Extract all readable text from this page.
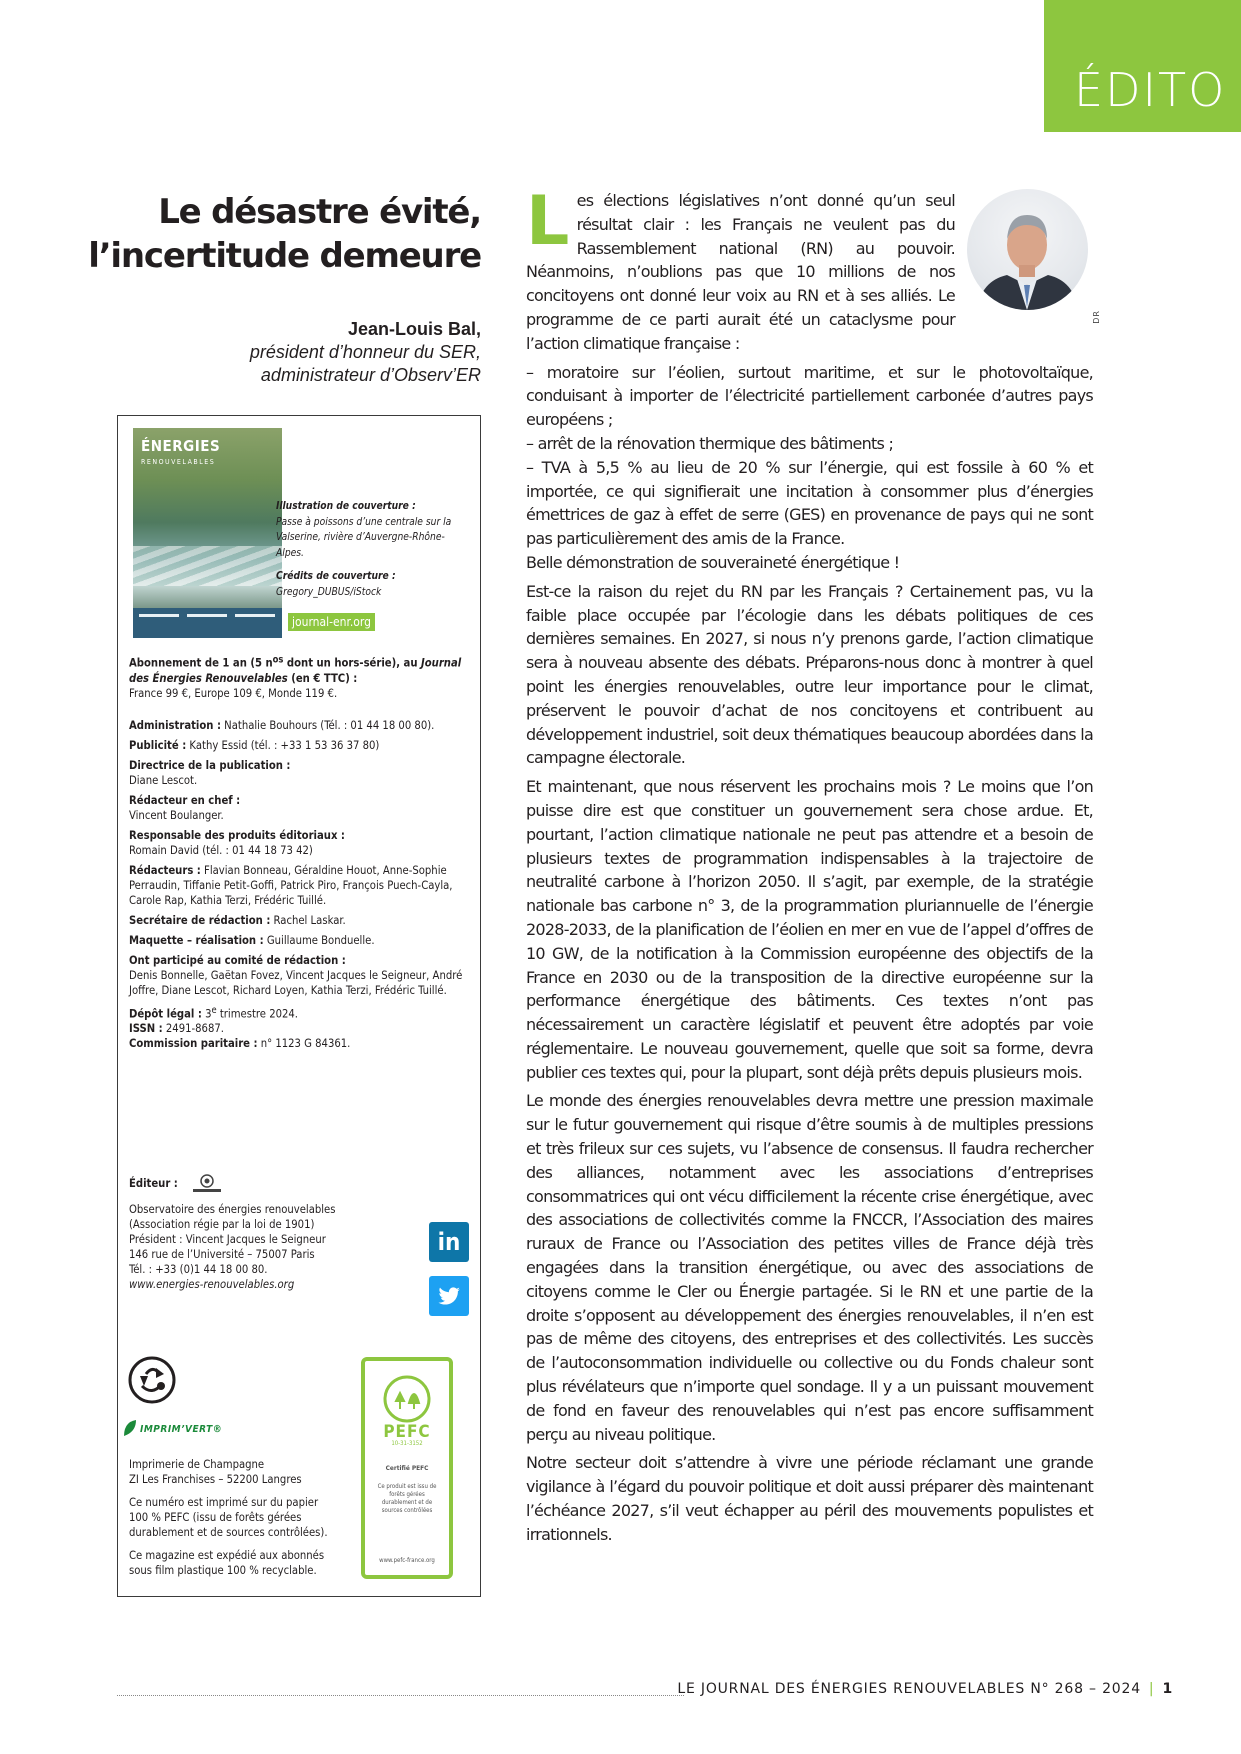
ÉDITO
Le désastre évité,
l’incertitude demeure
Jean-Louis Bal,
président d’honneur du SER,
administrateur d’Observ’ER
ÉNERGIES
RENOUVELABLES
Illustration de couverture :
Passe à poissons d’une centrale sur la Valserine, rivière d’Auvergne-Rhône-Alpes.
Crédits de couverture :
Gregory_DUBUS/iStock
journal-enr.org

Abonnement de 1 an (5 $n^{os}$ dont un hors-série), au Journal des Énergies Renouvelables (en € TTC) :
France 99 €, Europe 109 €, Monde 119 €.

Administration : Nathalie Bouhours (Tél. : 01 44 18 00 80).

Publicité : Kathy Essid (tél. : +33 1 53 36 37 80)

Directrice de la publication :
Diane Lescot.

Rédacteur en chef :
Vincent Boulanger.

Responsable des produits éditoriaux :
Romain David (tél. : 01 44 18 73 42)

Rédacteurs : Flavian Bonneau, Géraldine Houot, Anne-Sophie Perraudin, Tiffanie Petit-Goffi, Patrick Piro, François Puech-Cayla, Carole Rap, Kathia Terzi, Frédéric Tuillé.

Secrétaire de rédaction : Rachel Laskar.

Maquette – réalisation : Guillaume Bonduelle.

Ont participé au comité de rédaction :
Denis Bonnelle, Gaëtan Fovez, Vincent Jacques le Seigneur, André Joffre, Diane Lescot, Richard Loyen, Kathia Terzi, Frédéric Tuillé.

Dépôt légal : 3e trimestre 2024.
ISSN : 2491-8687.
Commission paritaire : n° 1123 G 84361.

Éditeur :
Observatoire des énergies renouvelables
(Association régie par la loi de 1901)
Président : Vincent Jacques le Seigneur
146 rue de l’Université – 75007 Paris
Tél. : +33 (0)1 44 18 00 80.
www.energies-renouvelables.org
in
IMPRIM’VERT®

Imprimerie de Champagne
ZI Les Franchises – 52200 Langres

Ce numéro est imprimé sur du papier 100 % PEFC (issu de forêts gérées durablement et de sources contrôlées).

Ce magazine est expédié aux abonnés sous film plastique 100 % recyclable.

PEFC
10-31-3152
Certifié PEFC
Ce produit est issu de forêts gérées durablement et de sources contrôlées
www.pefc-france.org
DR

Les élections législatives n’ont donné qu’un seul résultat clair : les Français ne veulent pas du Rassemblement national (RN) au pouvoir. Néanmoins, n’oublions pas que 10 millions de nos concitoyens ont donné leur voix au RN et à ses alliés. Le programme de ce parti aurait été un cataclysme pour l’action climatique française :

– moratoire sur l’éolien, surtout maritime, et sur le photovoltaïque, conduisant à importer de l’électricité partiellement carbonée d’autres pays européens ;

– arrêt de la rénovation thermique des bâtiments ;

– TVA à 5,5 % au lieu de 20 % sur l’énergie, qui est fossile à 60 % et importée, ce qui signifierait une incitation à consommer plus d’énergies émettrices de gaz à effet de serre (GES) en provenance de pays qui ne sont pas particulièrement des amis de la France.

Belle démonstration de souveraineté énergétique !

Est-ce la raison du rejet du RN par les Français ? Certainement pas, vu la faible place occupée par l’écologie dans les débats politiques de ces dernières semaines. En 2027, si nous n’y prenons garde, l’action climatique sera à nouveau absente des débats. Préparons-nous donc à montrer à quel point les énergies renouvelables, outre leur importance pour le climat, préservent le pouvoir d’achat de nos concitoyens et contribuent au développement industriel, soit deux thématiques beaucoup abordées dans la campagne électorale.

Et maintenant, que nous réservent les prochains mois ? Le moins que l’on puisse dire est que constituer un gouvernement sera chose ardue. Et, pourtant, l’action climatique nationale ne peut pas attendre et a besoin de plusieurs textes de programmation indispensables à la trajectoire de neutralité carbone à l’horizon 2050. Il s’agit, par exemple, de la stratégie nationale bas carbone n° 3, de la programmation pluriannuelle de l’énergie 2028-2033, de la planification de l’éolien en mer en vue de l’appel d’offres de 10 GW, de la notification à la Commission européenne des objectifs de la France en 2030 ou de la transposition de la directive européenne sur la performance énergétique des bâtiments. Ces textes n’ont pas nécessairement un caractère législatif et peuvent être adoptés par voie réglementaire. Le nouveau gouvernement, quelle que soit sa forme, devra publier ces textes qui, pour la plupart, sont déjà prêts depuis plusieurs mois.

Le monde des énergies renouvelables devra mettre une pression maximale sur le futur gouvernement qui risque d’être soumis à de multiples pressions et très frileux sur ces sujets, vu l’absence de consensus. Il faudra rechercher des alliances, notamment avec les associations d’entreprises consommatrices qui ont vécu difficilement la récente crise énergétique, avec des associations de collectivités comme la FNCCR, l’Association des maires ruraux de France ou l’Association des petites villes de France déjà très engagées dans la transition énergétique, ou avec des associations de citoyens comme le Cler ou Énergie partagée. Si le RN et une partie de la droite s’opposent au développement des énergies renouvelables, il n’en est pas de même des citoyens, des entreprises et des collectivités. Les succès de l’autoconsommation individuelle ou collective ou du Fonds chaleur sont plus révélateurs que n’importe quel sondage. Il y a un puissant mouvement de fond en faveur des renouvelables qui n’est pas encore suffisamment perçu au niveau politique.

Notre secteur doit s’attendre à vivre une période réclamant une grande vigilance à l’égard du pouvoir politique et doit aussi préparer dès maintenant l’échéance 2027, s’il veut échapper au péril des mouvements populistes et irrationnels.

LE JOURNAL DES ÉNERGIES RENOUVELABLES N° 268 – 2024 | 1
